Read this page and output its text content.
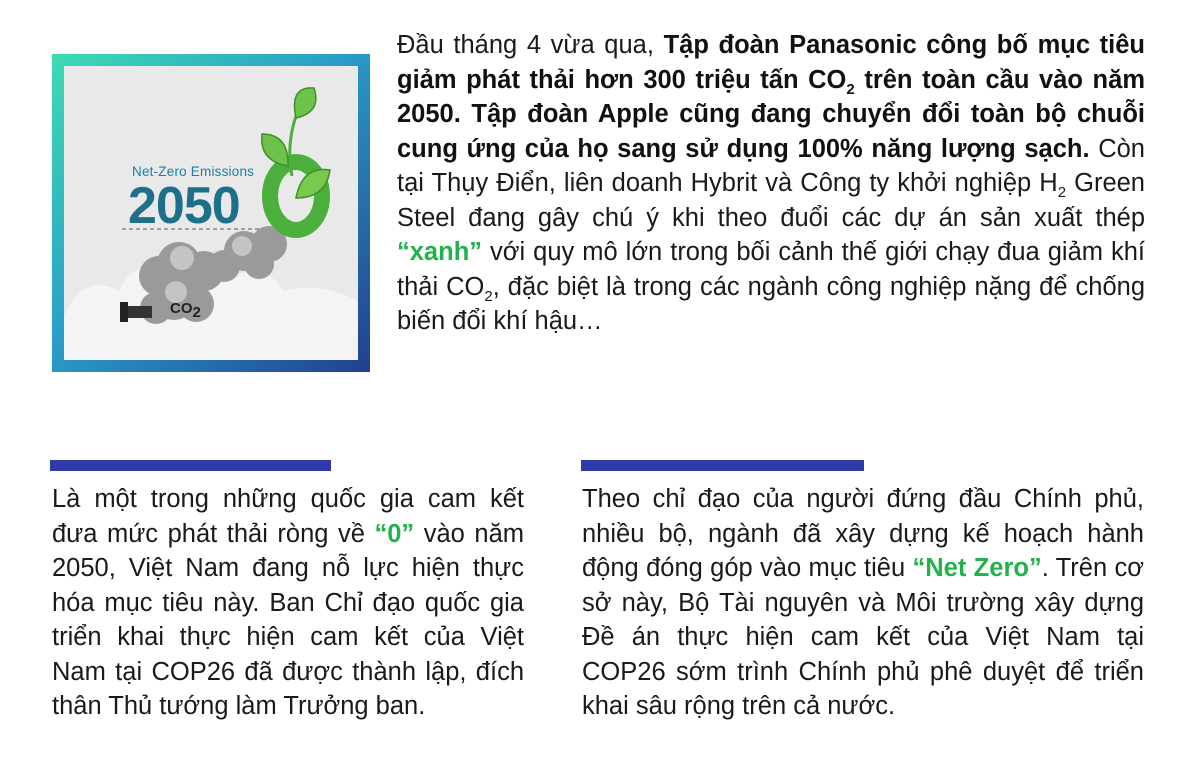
Net-Zero Emissions
2050
$CO_2$

Đầu tháng 4 vừa qua, Tập đoàn Panasonic công bố mục tiêu giảm phát thải hơn 300 triệu tấn $CO_2$ trên toàn cầu vào năm 2050. Tập đoàn Apple cũng đang chuyển đổi toàn bộ chuỗi cung ứng của họ sang sử dụng 100% năng lượng sạch. Còn tại Thụy Điển, liên doanh Hybrit và Công ty khởi nghiệp $H_2$ Green Steel đang gây chú ý khi theo đuổi các dự án sản xuất thép “xanh” với quy mô lớn trong bối cảnh thế giới chạy đua giảm khí thải $CO_2$, đặc biệt là trong các ngành công nghiệp nặng để chống biến đổi khí hậu…

Là một trong những quốc gia cam kết đưa mức phát thải ròng về “0” vào năm 2050, Việt Nam đang nỗ lực hiện thực hóa mục tiêu này. Ban Chỉ đạo quốc gia triển khai thực hiện cam kết của Việt Nam tại COP26 đã được thành lập, đích thân Thủ tướng làm Trưởng ban.

Theo chỉ đạo của người đứng đầu Chính phủ, nhiều bộ, ngành đã xây dựng kế hoạch hành động đóng góp vào mục tiêu “Net Zero”. Trên cơ sở này, Bộ Tài nguyên và Môi trường xây dựng Đề án thực hiện cam kết của Việt Nam tại COP26 sớm trình Chính phủ phê duyệt để triển khai sâu rộng trên cả nước.
